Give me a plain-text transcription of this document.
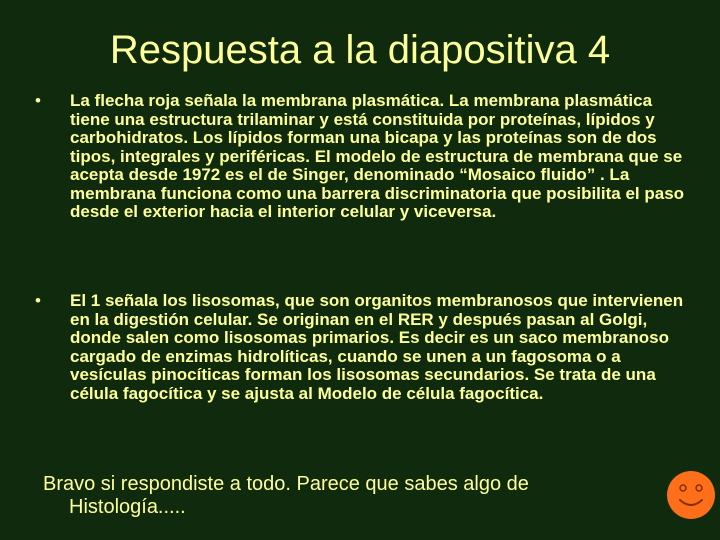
Respuesta a la diapositiva 4
• La flecha roja señala la membrana plasmática. La membrana plasmática tiene una estructura trilaminar y está constituida por proteínas, lípidos y carbohidratos. Los lípidos forman una bicapa y las proteínas son de dos tipos, integrales y periféricas. El modelo de estructura de membrana que se acepta desde 1972 es el de Singer, denominado “Mosaico fluido” . La membrana funciona como una barrera discriminatoria que posibilita el paso desde el exterior hacia el interior celular y viceversa.
• El 1 señala los lisosomas, que son organitos membranosos que intervienen en la digestión celular. Se originan en el RER y después pasan al Golgi, donde salen como lisosomas primarios. Es decir es un saco membranoso cargado de enzimas hidrolíticas, cuando se unen a un fagosoma o a vesículas pinocíticas forman los lisosomas secundarios. Se trata de una célula fagocítica y se ajusta al Modelo de célula fagocítica.
Bravo si respondiste a todo. Parece que sabes algo de
Histología.....
